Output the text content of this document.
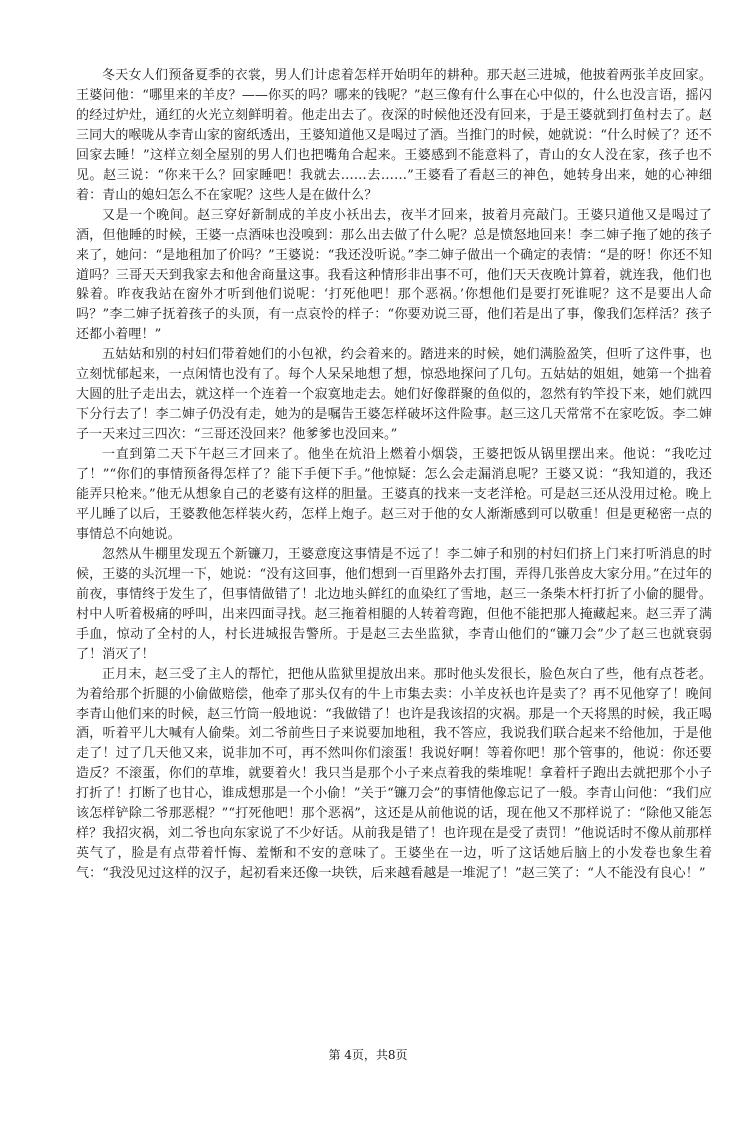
冬天女人们预备夏季的衣裳，男人们计虑着怎样开始明年的耕种。那天赵三进城，他披着两张羊皮回家。王婆问他：“哪里来的羊皮？——你买的吗？哪来的钱呢？”赵三像有什么事在心中似的，什么也没言语，摇闪的经过炉灶，通红的火光立刻鲜明着。他走出去了。夜深的时候他还没有回来，于是王婆就到打鱼村去了。赵三同大的喉咙从李青山家的窗纸透出，王婆知道他又是喝过了酒。当推门的时候，她就说：“什么时候了？还不回家去睡！”这样立刻全屋别的男人们也把嘴角合起来。王婆感到不能意料了，青山的女人没在家，孩子也不见。赵三说：“你来干么？回家睡吧！我就去……去……”王婆看了看赵三的神色，她转身出来，她的心神细着：青山的媳妇怎么不在家呢？这些人是在做什么？

又是一个晚间。赵三穿好新制成的羊皮小袄出去，夜半才回来，披着月亮敲门。王婆只道他又是喝过了酒，但他睡的时候，王婆一点酒味也没嗅到：那么出去做了什么呢？总是愤怒地回来！李二婶子拖了她的孩子来了，她问：“是地租加了价吗？”王婆说：“我还没听说。”李二婶子做出一个确定的表情：“是的呀！你还不知道吗？三哥天天到我家去和他舍商量这事。我看这种情形非出事不可，他们天天夜晚计算着，就连我，他们也躲着。昨夜我站在窗外才听到他们说呢：‘打死他吧！那个恶祸。’你想他们是要打死谁呢？这不是要出人命吗？”李二婶子抚着孩子的头顶，有一点哀怜的样子：“你要劝说三哥，他们若是出了事，像我们怎样活？孩子还都小着哩！”

五姑姑和别的村妇们带着她们的小包袱，约会着来的。踏进来的时候，她们满脸盈笑，但听了这件事，也立刻忧郁起来，一点闲情也没有了。每个人呆呆地想了想，惊恐地探问了几句。五姑姑的姐姐，她第一个拙着大圆的肚子走出去，就这样一个连着一个寂寞地走去。她们好像群聚的鱼似的，忽然有钓竿投下来，她们就四下分行去了！李二婶子仍没有走，她为的是嘱告王婆怎样破坏这件险事。赵三这几天常常不在家吃饭。李二婶子一天来过三四次：“三哥还没回来？他爹爹也没回来。”

一直到第二天下午赵三才回来了。他坐在炕沿上燃着小烟袋，王婆把饭从锅里摆出来。他说：“我吃过了！”“你们的事情预备得怎样了？能下手便下手。”他惊疑：怎么会走漏消息呢？王婆又说：“我知道的，我还能弄只枪来。”他无从想象自己的老婆有这样的胆量。王婆真的找来一支老洋枪。可是赵三还从没用过枪。晚上平儿睡了以后，王婆教他怎样装火药，怎样上炮子。赵三对于他的女人渐渐感到可以敬重！但是更秘密一点的事情总不向她说。

忽然从牛棚里发现五个新镰刀，王婆意度这事情是不远了！李二婶子和别的村妇们挤上门来打听消息的时候，王婆的头沉埋一下，她说：“没有这回事，他们想到一百里路外去打围，弄得几张兽皮大家分用。”在过年的前夜，事情终于发生了，但事情做错了！北边地头鲜红的血染红了雪地，赵三一条柴木杆打折了小偷的腿骨。村中人听着极痛的呼叫，出来四面寻找。赵三拖着相腿的人转着弯跑，但他不能把那人掩藏起来。赵三弄了满手血，惊动了全村的人，村长进城报告警所。于是赵三去坐监狱，李青山他们的“镰刀会”少了赵三也就衰弱了！消灭了！

正月末，赵三受了主人的帮忙，把他从监狱里提放出来。那时他头发很长，脸色灰白了些，他有点苍老。为着给那个折腿的小偷做赔偿，他牵了那头仅有的牛上市集去卖：小羊皮袄也许是卖了？再不见他穿了！晚间李青山他们来的时候，赵三竹筒一般地说：“我做错了！也许是我该招的灾祸。那是一个天将黑的时候，我正喝酒，听着平儿大喊有人偷柴。刘二爷前些日子来说要加地租，我不答应，我说我们联合起来不给他加，于是他走了！过了几天他又来，说非加不可，再不然叫你们滚蛋！我说好啊！等着你吧！那个管事的，他说：你还要造反？不滚蛋，你们的草堆，就要着火！我只当是那个小子来点着我的柴堆呢！拿着杆子跑出去就把那个小子打折了！打断了也甘心，谁成想那是一个小偷！”关于“镰刀会”的事情他像忘记了一般。李青山问他：“我们应该怎样铲除二爷那恶棍？”“打死他吧！那个恶祸”，这还是从前他说的话，现在他又不那样说了：“除他又能怎样？我招灾祸，刘二爷也向东家说了不少好话。从前我是错了！也许现在是受了责罚！”他说话时不像从前那样英气了，脸是有点带着忏悔、羞惭和不安的意味了。王婆坐在一边，听了这话她后脑上的小发卷也象生着气：“我没见过这样的汉子，起初看来还像一块铁，后来越看越是一堆泥了！”赵三笑了：“人不能没有良心！”

第 4页，共8页
